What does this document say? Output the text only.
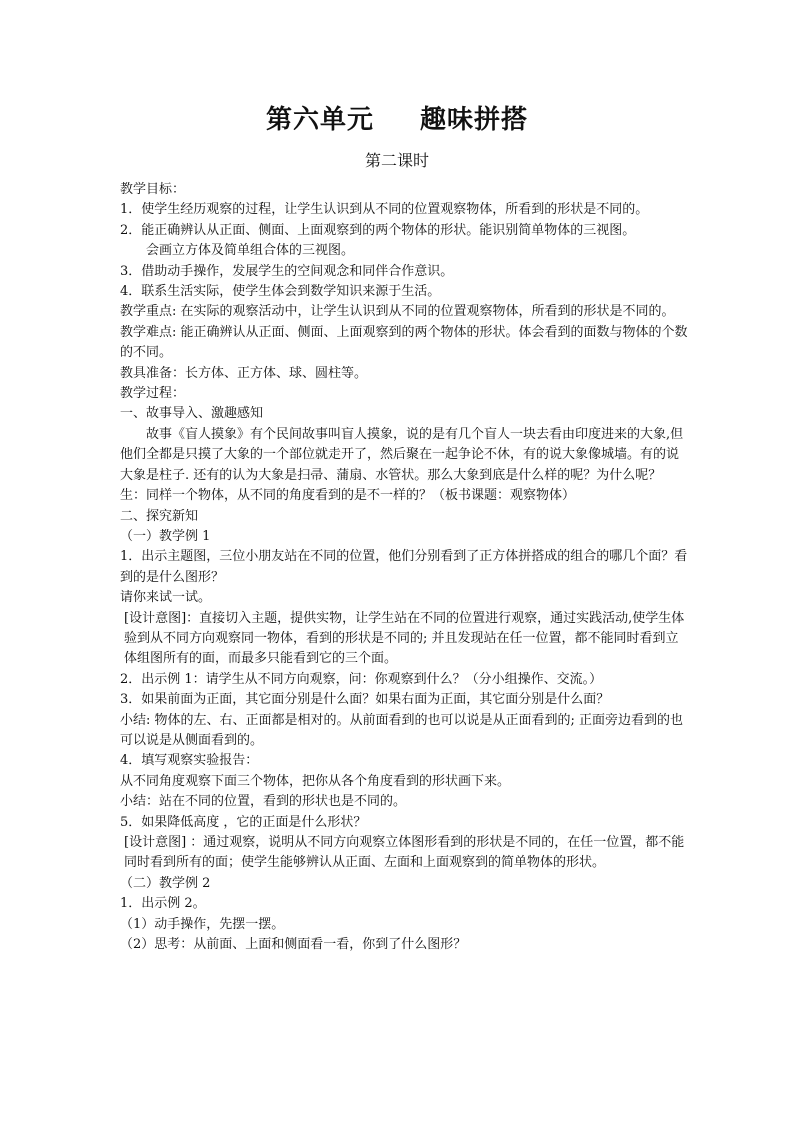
第六单元 趣味拼搭
第二课时

教学目标：

1．使学生经历观察的过程，让学生认识到从不同的位置观察物体，所看到的形状是不同的。

2．能正确辨认从正面、侧面、上面观察到的两个物体的形状。能识别简单物体的三视图。

会画立方体及简单组合体的三视图。

3．借助动手操作，发展学生的空间观念和同伴合作意识。

4．联系生活实际，使学生体会到数学知识来源于生活。

教学重点: 在实际的观察活动中，让学生认识到从不同的位置观察物体，所看到的形状是不同的。

教学难点: 能正确辨认从正面、侧面、上面观察到的两个物体的形状。体会看到的面数与物体的个数的不同。

教具准备：长方体、正方体、球、圆柱等。

教学过程：

一、故事导入、激趣感知

故事《盲人摸象》有个民间故事叫盲人摸象，说的是有几个盲人一块去看由印度进来的大象,但他们全都是只摸了大象的一个部位就走开了，然后聚在一起争论不休，有的说大象像城墙。有的说大象是柱子. 还有的认为大象是扫帚、蒲扇、水管状。那么大象到底是什么样的呢？为什么呢？

生：同样一个物体，从不同的角度看到的是不一样的？（板书课题：观察物体）

二、探究新知

（一）教学例 1

1．出示主题图，三位小朋友站在不同的位置，他们分别看到了正方体拼搭成的组合的哪几个面？看到的是什么图形？

请你来试一试。

[设计意图]：直接切入主题，提供实物，让学生站在不同的位置进行观察，通过实践活动,使学生体验到从不同方向观察同一物体，看到的形状是不同的; 并且发现站在任一位置，都不能同时看到立体组图所有的面，而最多只能看到它的三个面。

2．出示例 1：请学生从不同方向观察，问：你观察到什么？（分小组操作、交流。）

3．如果前面为正面，其它面分别是什么面？如果右面为正面，其它面分别是什么面？

小结: 物体的左、右、正面都是相对的。从前面看到的也可以说是从正面看到的; 正面旁边看到的也可以说是从侧面看到的。

4．填写观察实验报告：

从不同角度观察下面三个物体，把你从各个角度看到的形状画下来。

小结：站在不同的位置，看到的形状也是不同的。

5．如果降低高度 ，它的正面是什么形状？

[设计意图] ：通过观察，说明从不同方向观察立体图形看到的形状是不同的，在任一位置，都不能同时看到所有的面；使学生能够辨认从正面、左面和上面观察到的简单物体的形状。

（二）教学例 2

1．出示例 2。

（1）动手操作，先摆一摆。

（2）思考：从前面、上面和侧面看一看，你到了什么图形？
